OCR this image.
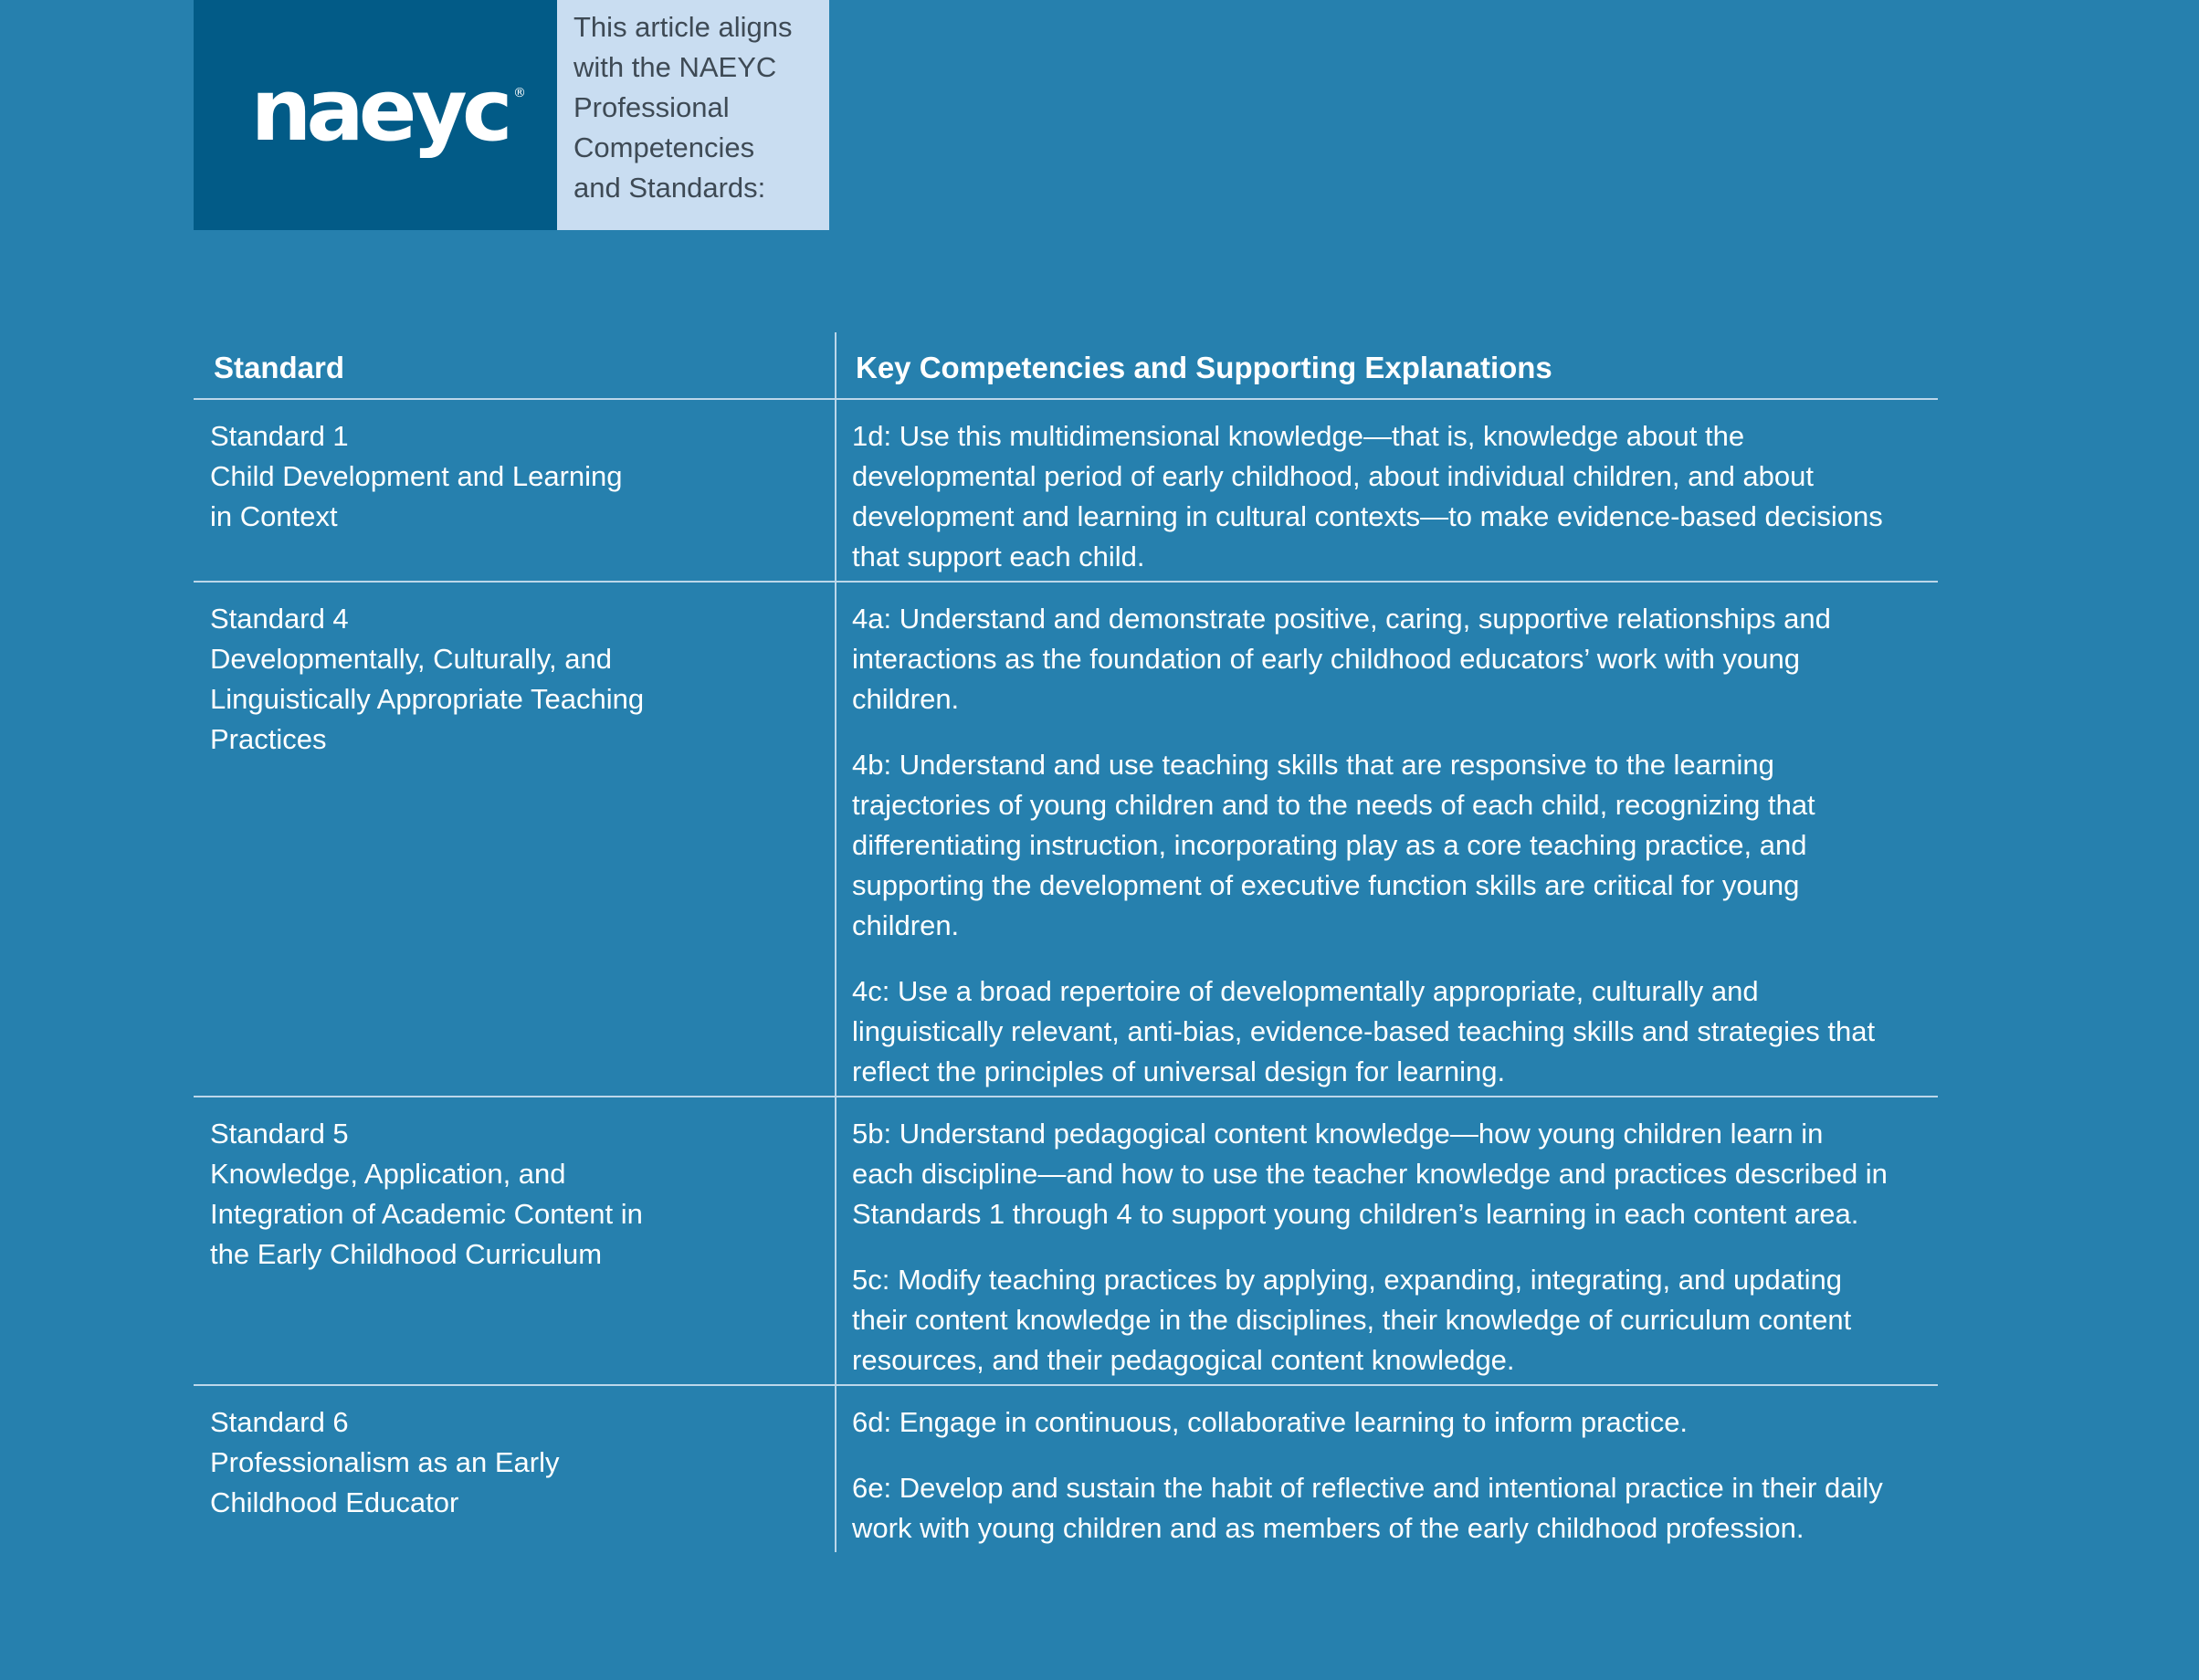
naeyc ®
This article aligns
with the NAEYC
Professional
Competencies
and Standards:
Standard	Key Competencies and Supporting Explanations
Standard 1
Child Development and Learning
in Context

1d: Use this multidimensional knowledge—that is, knowledge about the
developmental period of early childhood, about individual children, and about
development and learning in cultural contexts—to make evidence-based decisions
that support each child.

Standard 4
Developmentally, Culturally, and
Linguistically Appropriate Teaching
Practices

4a: Understand and demonstrate positive, caring, supportive relationships and
interactions as the foundation of early childhood educators’ work with young
children.

4b: Understand and use teaching skills that are responsive to the learning
trajectories of young children and to the needs of each child, recognizing that
differentiating instruction, incorporating play as a core teaching practice, and
supporting the development of executive function skills are critical for young
children.

4c: Use a broad repertoire of developmentally appropriate, culturally and
linguistically relevant, anti-bias, evidence-based teaching skills and strategies that
reflect the principles of universal design for learning.

Standard 5
Knowledge, Application, and
Integration of Academic Content in
the Early Childhood Curriculum

5b: Understand pedagogical content knowledge—how young children learn in
each discipline—and how to use the teacher knowledge and practices described in
Standards 1 through 4 to support young children’s learning in each content area.

5c: Modify teaching practices by applying, expanding, integrating, and updating
their content knowledge in the disciplines, their knowledge of curriculum content
resources, and their pedagogical content knowledge.

Standard 6
Professionalism as an Early
Childhood Educator

6d: Engage in continuous, collaborative learning to inform practice.

6e: Develop and sustain the habit of reflective and intentional practice in their daily
work with young children and as members of the early childhood profession.
